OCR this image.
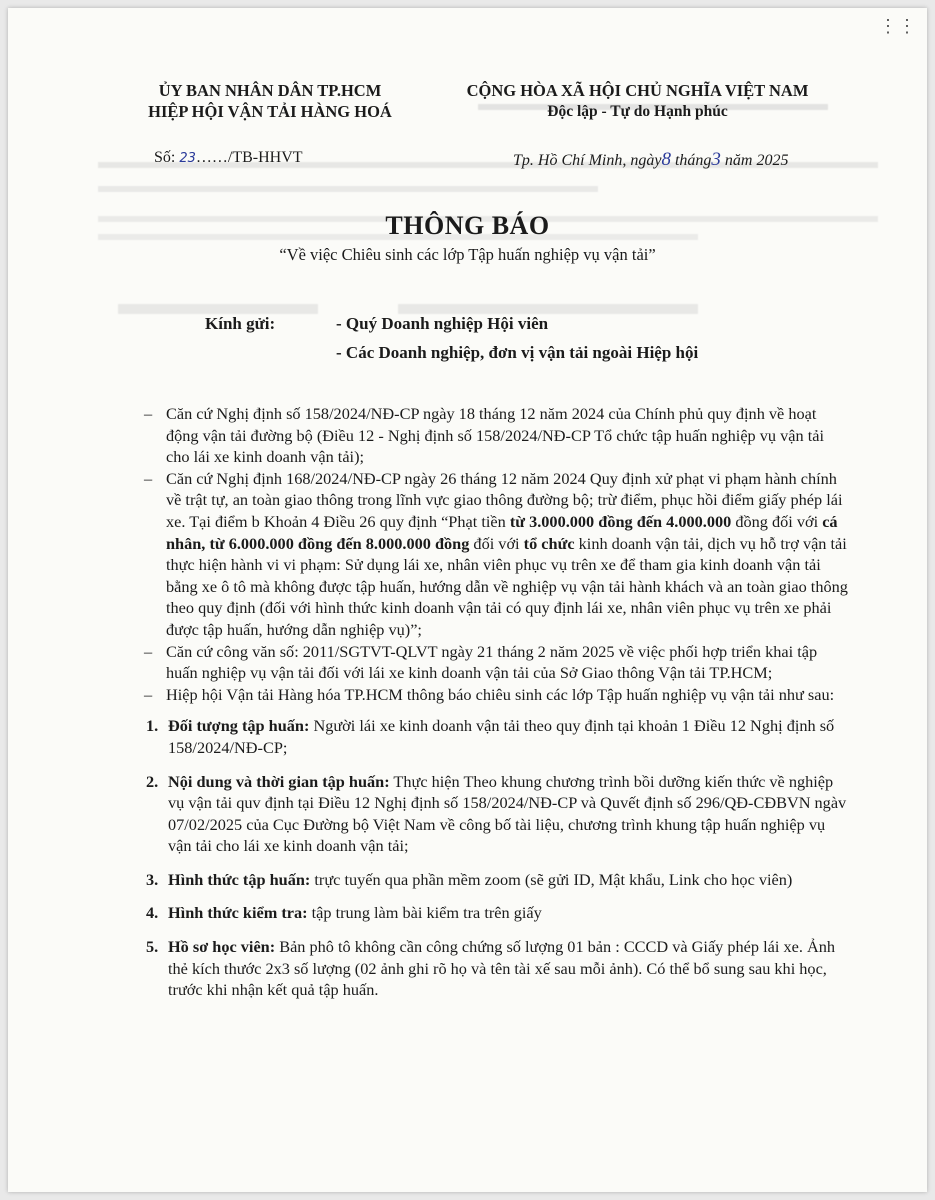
⋮⋮
ỦY BAN NHÂN DÂN TP.HCM
HIỆP HỘI VẬN TẢI HÀNG HOÁ
CỘNG HÒA XÃ HỘI CHỦ NGHĨA VIỆT NAM
Độc lập - Tự do Hạnh phúc
Số: 23……/TB-HHVT	Tp. Hồ Chí Minh, ngày8 tháng3 năm 2025
THÔNG BÁO
“Về việc Chiêu sinh các lớp Tập huấn nghiệp vụ vận tải”
Kính gửi:	- Quý Doanh nghiệp Hội viên
- Các Doanh nghiệp, đơn vị vận tải ngoài Hiệp hội

– Căn cứ Nghị định số 158/2024/NĐ-CP ngày 18 tháng 12 năm 2024 của Chính phủ quy định về hoạt động vận tải đường bộ (Điều 12 - Nghị định số 158/2024/NĐ-CP Tổ chức tập huấn nghiệp vụ vận tải cho lái xe kinh doanh vận tải);

– Căn cứ Nghị định 168/2024/NĐ-CP ngày 26 tháng 12 năm 2024 Quy định xử phạt vi phạm hành chính về trật tự, an toàn giao thông trong lĩnh vực giao thông đường bộ; trừ điểm, phục hồi điểm giấy phép lái xe. Tại điểm b Khoản 4 Điều 26 quy định “Phạt tiền từ 3.000.000 đồng đến 4.000.000 đồng đối với cá nhân, từ 6.000.000 đồng đến 8.000.000 đồng đối với tổ chức kinh doanh vận tải, dịch vụ hỗ trợ vận tải thực hiện hành vi vi phạm: Sử dụng lái xe, nhân viên phục vụ trên xe để tham gia kinh doanh vận tải bằng xe ô tô mà không được tập huấn, hướng dẫn về nghiệp vụ vận tải hành khách và an toàn giao thông theo quy định (đối với hình thức kinh doanh vận tải có quy định lái xe, nhân viên phục vụ trên xe phải được tập huấn, hướng dẫn nghiệp vụ)”;

– Căn cứ công văn số: 2011/SGTVT-QLVT ngày 21 tháng 2 năm 2025 về việc phối hợp triển khai tập huấn nghiệp vụ vận tải đối với lái xe kinh doanh vận tải của Sở Giao thông Vận tải TP.HCM;

– Hiệp hội Vận tải Hàng hóa TP.HCM thông báo chiêu sinh các lớp Tập huấn nghiệp vụ vận tải như sau:

1. Đối tượng tập huấn: Người lái xe kinh doanh vận tải theo quy định tại khoản 1 Điều 12 Nghị định số 158/2024/NĐ-CP;
2. Nội dung và thời gian tập huấn: Thực hiện Theo khung chương trình bồi dưỡng kiến thức về nghiệp vụ vận tải quv định tại Điều 12 Nghị định số 158/2024/NĐ-CP và Quvết định số 296/QĐ-CĐBVN ngàv 07/02/2025 của Cục Đường bộ Việt Nam về công bố tài liệu, chương trình khung tập huấn nghiệp vụ vận tải cho lái xe kinh doanh vận tải;
3. Hình thức tập huấn: trực tuyến qua phần mềm zoom (sẽ gửi ID, Mật khẩu, Link cho học viên)
4. Hình thức kiểm tra: tập trung làm bài kiểm tra trên giấy
5. Hồ sơ học viên: Bản phô tô không cần công chứng số lượng 01 bản : CCCD và Giấy phép lái xe. Ảnh thẻ kích thước 2x3 số lượng (02 ảnh ghi rõ họ và tên tài xế sau mỗi ảnh). Có thể bổ sung sau khi học, trước khi nhận kết quả tập huấn.
